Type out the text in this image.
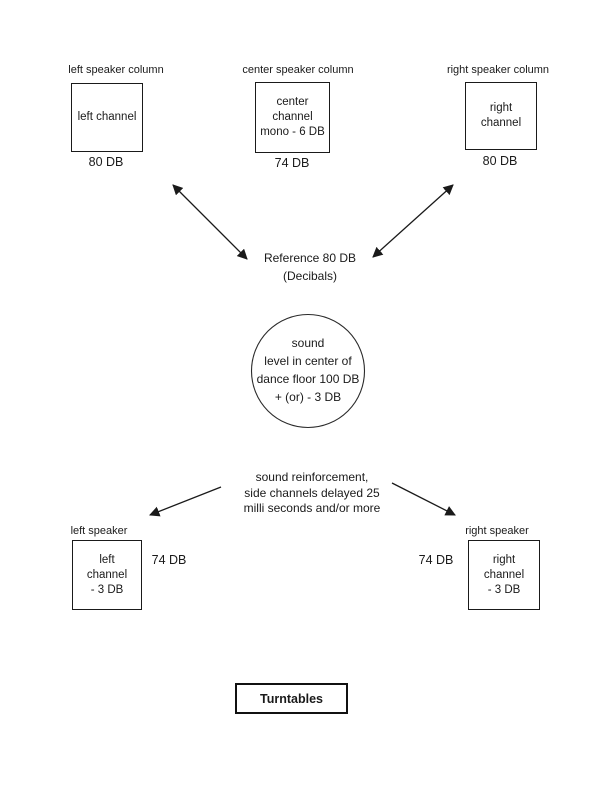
left speaker column
left channel
80 DB
center speaker column
center
channel
mono - 6 DB
74 DB
right speaker column
right
channel
80 DB
Reference 80 DB
(Decibals)
sound
level in center of
dance floor 100 DB
+ (or) - 3 DB
sound reinforcement,
side channels delayed 25
milli seconds and/or more
left speaker
left
channel
- 3 DB
74 DB
right speaker
right
channel
- 3 DB
74 DB
Turntables
